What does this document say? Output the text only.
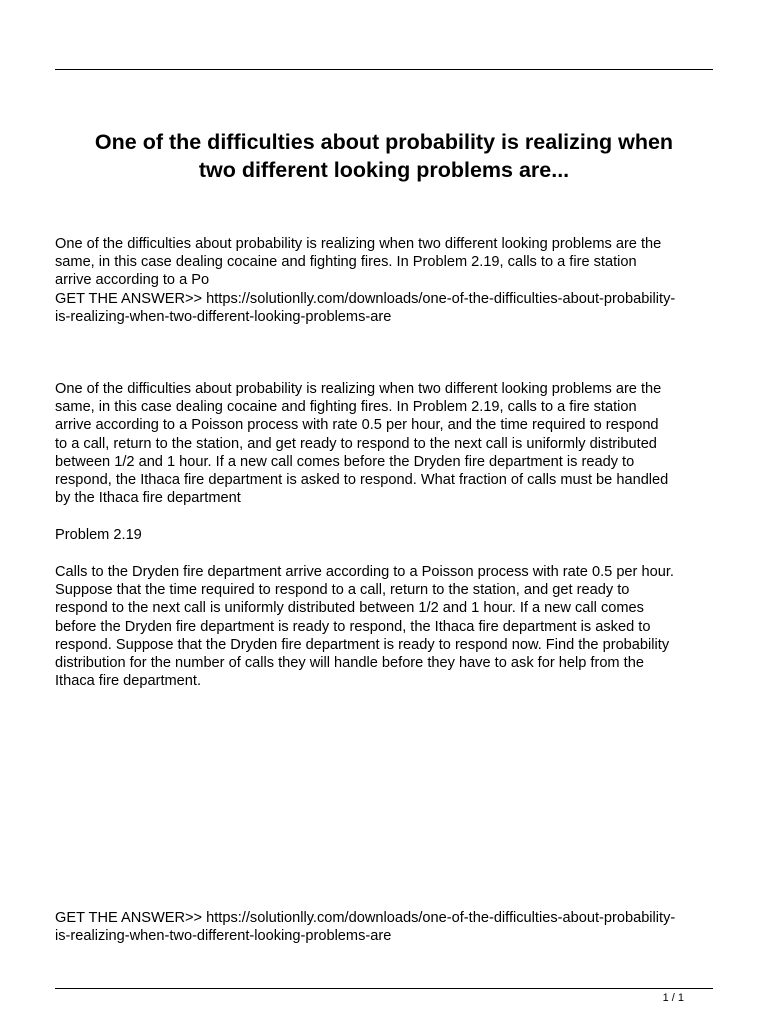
One of the difficulties about probability is realizing when
two different looking problems are...

One of the difficulties about probability is realizing when two different looking problems are the
same, in this case dealing cocaine and fighting fires. In Problem 2.19, calls to a fire station
arrive according to a Po
GET THE ANSWER>> https://solutionlly.com/downloads/one-of-the-difficulties-about-probability-
is-realizing-when-two-different-looking-problems-are

One of the difficulties about probability is realizing when two different looking problems are the
same, in this case dealing cocaine and fighting fires. In Problem 2.19, calls to a fire station
arrive according to a Poisson process with rate 0.5 per hour, and the time required to respond
to a call, return to the station, and get ready to respond to the next call is uniformly distributed
between 1/2 and 1 hour. If a new call comes before the Dryden fire department is ready to
respond, the Ithaca fire department is asked to respond. What fraction of calls must be handled
by the Ithaca fire department

Problem 2.19

Calls to the Dryden fire department arrive according to a Poisson process with rate 0.5 per hour.
Suppose that the time required to respond to a call, return to the station, and get ready to
respond to the next call is uniformly distributed between 1/2 and 1 hour. If a new call comes
before the Dryden fire department is ready to respond, the Ithaca fire department is asked to
respond. Suppose that the Dryden fire department is ready to respond now. Find the probability
distribution for the number of calls they will handle before they have to ask for help from the
Ithaca fire department.

GET THE ANSWER>> https://solutionlly.com/downloads/one-of-the-difficulties-about-probability-
is-realizing-when-two-different-looking-problems-are

1 / 1
